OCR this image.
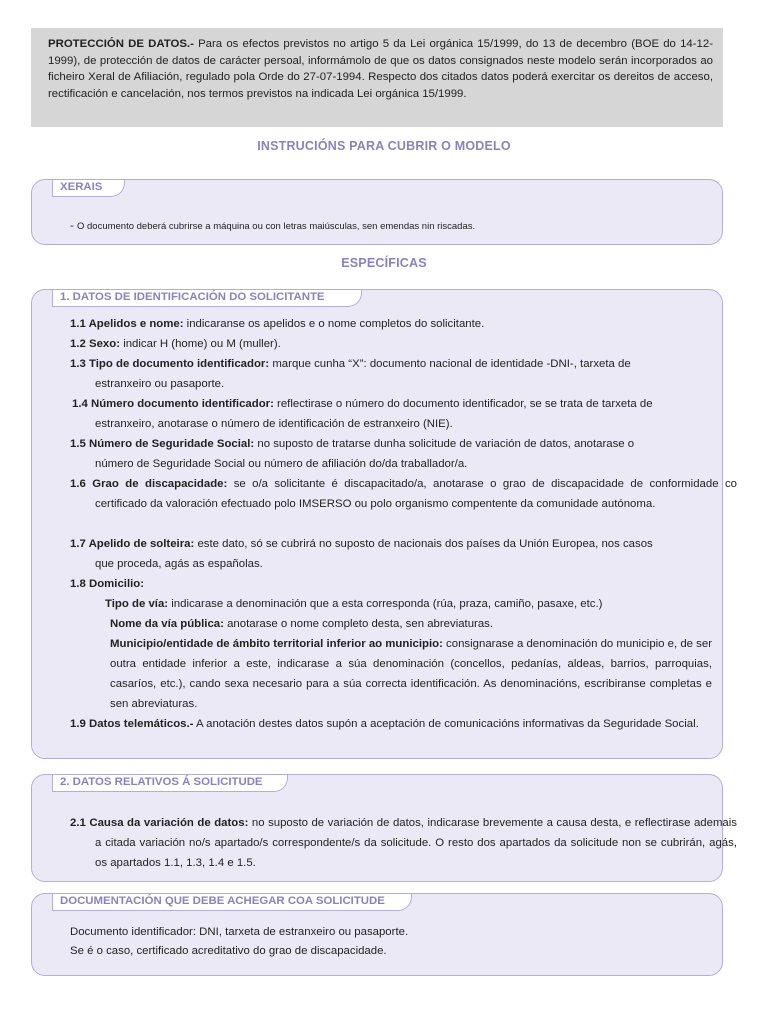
PROTECCIÓN DE DATOS.- Para os efectos previstos no artigo 5 da Lei orgánica 15/1999, do 13 de decembro (BOE do 14-12-1999), de protección de datos de carácter persoal, informámolo de que os datos consignados neste modelo serán incorporados ao ficheiro Xeral de Afiliación, regulado pola Orde do 27-07-1994. Respecto dos citados datos poderá exercitar os dereitos de acceso, rectificación e cancelación, nos termos previstos na indicada Lei orgánica 15/1999.
INSTRUCIÓNS PARA CUBRIR O MODELO
XERAIS
- O documento deberá cubrirse a máquina ou con letras maiúsculas, sen emendas nin riscadas.
ESPECÍFICAS
1. DATOS DE IDENTIFICACIÓN DO SOLICITANTE
1.1 Apelidos e nome: indicaranse os apelidos e o nome completos do solicitante.
1.2 Sexo: indicar H (home) ou M (muller).
1.3 Tipo de documento identificador: marque cunha “X”: documento nacional de identidade -DNI-, tarxeta de
estranxeiro ou pasaporte.
1.4 Número documento identificador: reflectirase o número do documento identificador, se se trata de tarxeta de
estranxeiro, anotarase o número de identificación de estranxeiro (NIE).
1.5 Número de Seguridade Social: no suposto de tratarse dunha solicitude de variación de datos, anotarase o
número de Seguridade Social ou número de afiliación do/da traballador/a.
1.6 Grao de discapacidade: se o/a solicitante é discapacitado/a, anotarase o grao de discapacidade de conformidade co certificado da valoración efectuado polo IMSERSO ou polo organismo compentente da comunidade autónoma.
1.7 Apelido de solteira: este dato, só se cubrirá no suposto de nacionais dos países da Unión Europea, nos casos
que proceda, agás as españolas.
1.8 Domicilio:
Tipo de vía: indicarase a denominación que a esta corresponda (rúa, praza, camiño, pasaxe, etc.)
Nome da vía pública: anotarase o nome completo desta, sen abreviaturas.
Municipio/entidade de ámbito territorial inferior ao municipio: consignarase a denominación do municipio e, de ser outra entidade inferior a este, indicarase a súa denominación (concellos, pedanías, aldeas, barrios, parroquias, casaríos, etc.), cando sexa necesario para a súa correcta identificación. As denominacións, escribiranse completas e sen abreviaturas.
1.9 Datos telemáticos.- A anotación destes datos supón a aceptación de comunicacións informativas da Seguridade Social.
2. DATOS RELATIVOS Á SOLICITUDE
2.1 Causa da variación de datos: no suposto de variación de datos, indicarase brevemente a causa desta, e reflectirase ademais a citada variación no/s apartado/s correspondente/s da solicitude. O resto dos apartados da solicitude non se cubrirán, agás, os apartados 1.1, 1.3, 1.4 e 1.5.
DOCUMENTACIÓN QUE DEBE ACHEGAR COA SOLICITUDE
Documento identificador: DNI, tarxeta de estranxeiro ou pasaporte.
Se é o caso, certificado acreditativo do grao de discapacidade.
